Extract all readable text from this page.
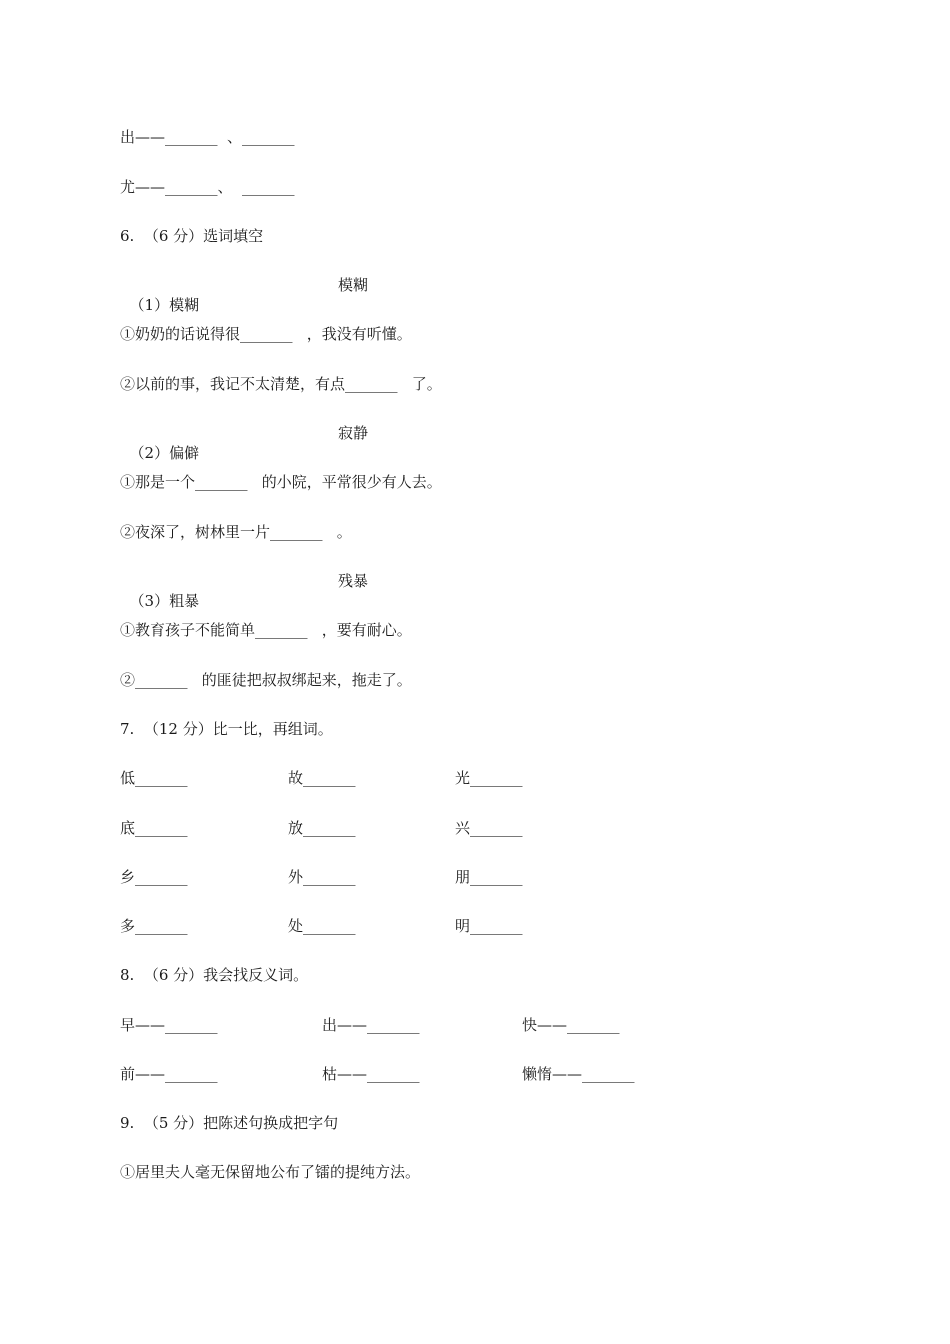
出——_______  、_______
尤——_______、  _______
6.  （6 分）选词填空

（1）模糊

模糊
①奶奶的话说得很_______   ，我没有听懂。
②以前的事，我记不太清楚，有点_______   了。

（2）偏僻

寂静
①那是一个_______   的小院，平常很少有人去。
②夜深了，树林里一片_______   。

（3）粗暴

残暴
①教育孩子不能简单_______   ，要有耐心。
②_______   的匪徒把叔叔绑起来，拖走了。
7.  （12 分）比一比，再组词。
低_______	故_______	光_______
底_______	放_______	兴_______
乡_______	外_______	朋_______
多_______	处_______	明_______
8.  （6 分）我会找反义词。
早——_______	出——_______	快——_______
前——_______	枯——_______	懒惰——_______
9.  （5 分）把陈述句换成把字句
①居里夫人毫无保留地公布了镭的提纯方法。
